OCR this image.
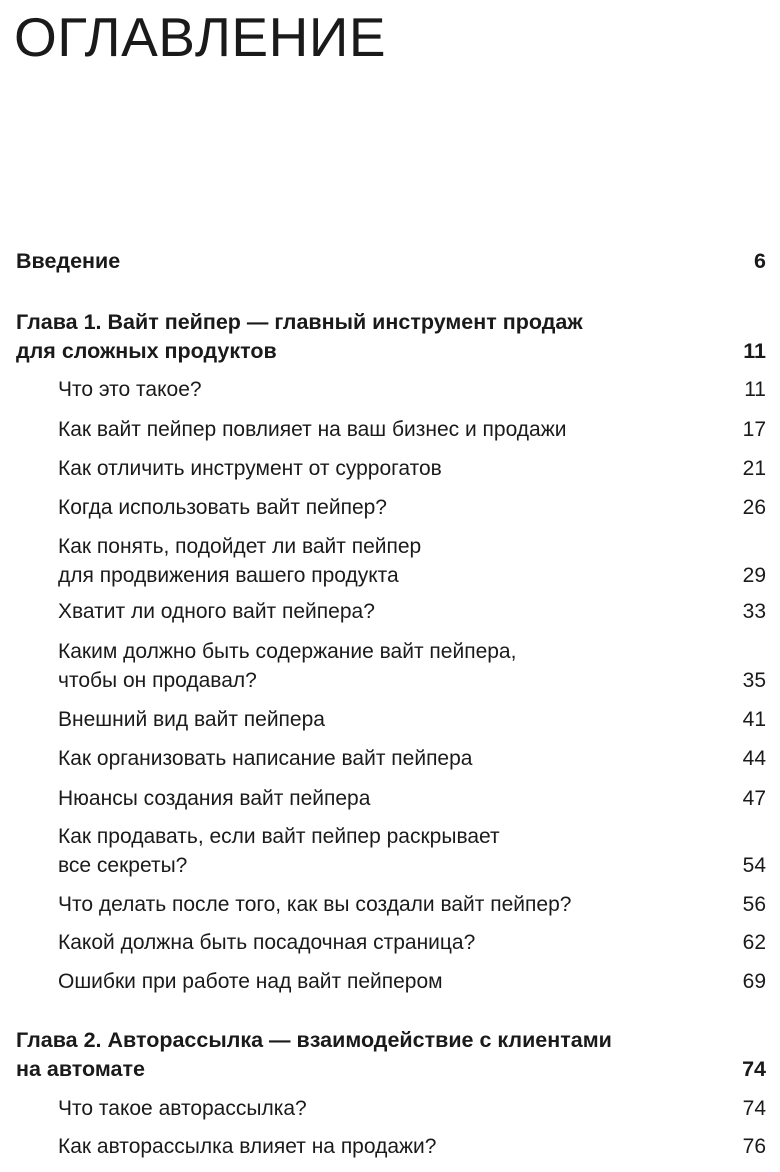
ОГЛАВЛЕНИЕ
Введение	6
Глава 1. Вайт пейпер — главный инструмент продаж
для сложных продуктов	11
Что это такое?	11
Как вайт пейпер повлияет на ваш бизнес и продажи	17
Как отличить инструмент от суррогатов	21
Когда использовать вайт пейпер?	26
Как понять, подойдет ли вайт пейпер
для продвижения вашего продукта	29
Хватит ли одного вайт пейпера?	33
Каким должно быть содержание вайт пейпера,
чтобы он продавал?	35
Внешний вид вайт пейпера	41
Как организовать написание вайт пейпера	44
Нюансы создания вайт пейпера	47
Как продавать, если вайт пейпер раскрывает
все секреты?	54
Что делать после того, как вы создали вайт пейпер?	56
Какой должна быть посадочная страница?	62
Ошибки при работе над вайт пейпером	69
Глава 2. Авторассылка — взаимодействие с клиентами
на автомате	74
Что такое авторассылка?	74
Как авторассылка влияет на продажи?	76
